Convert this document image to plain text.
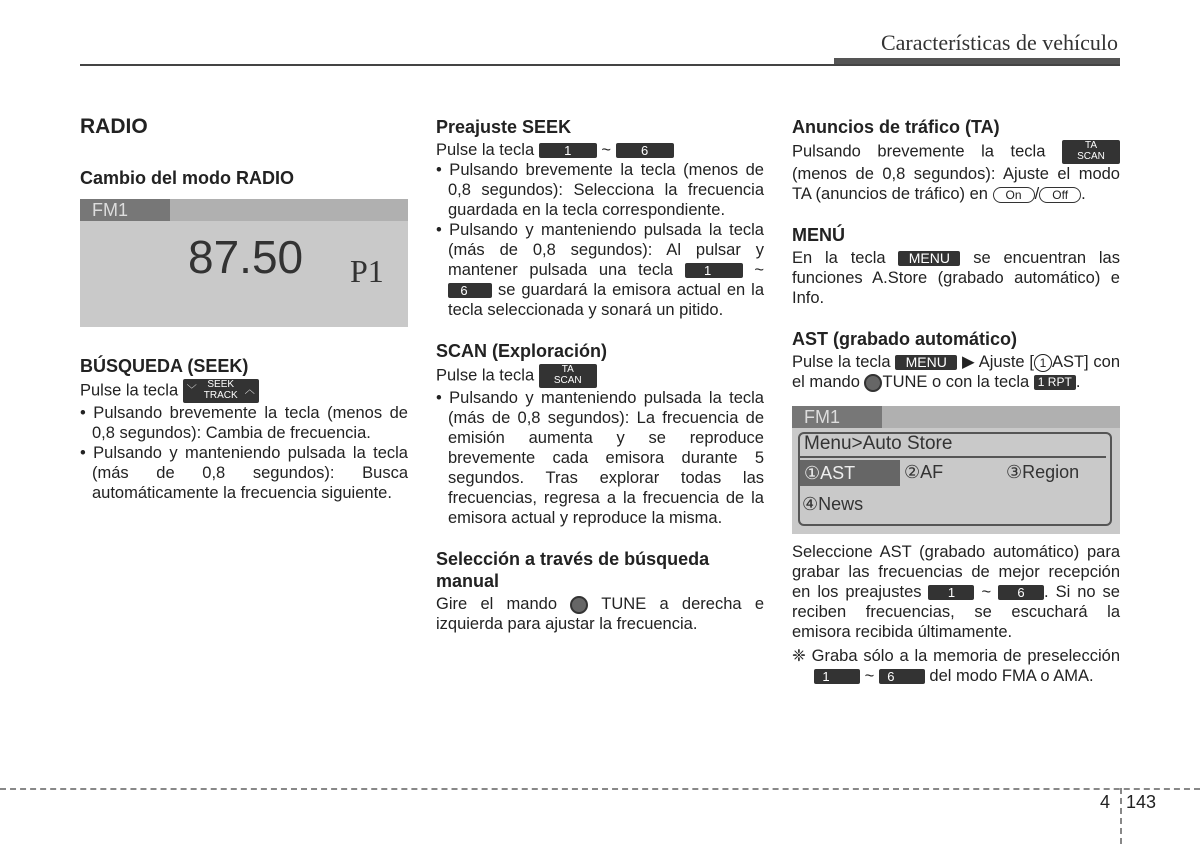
Características de vehículo
RADIO
Cambio del modo RADIO
FM1
87.50 P1
BÚSQUEDA (SEEK)

Pulse la tecla ﹀
SEEK
TRACK ︿

• Pulsando brevemente la tecla (menos de 0,8 segundos): Cambia de frecuencia.

• Pulsando y manteniendo pulsada la tecla (más de 0,8 segundos): Busca automáticamente la frecuencia siguiente.

Preajuste SEEK

Pulse la tecla 1 ~ 6

• Pulsando brevemente la tecla (menos de 0,8 segundos): Selecciona la frecuencia guardada en la tecla correspondiente.

• Pulsando y manteniendo pulsada la tecla (más de 0,8 segundos): Al pulsar y mantener pulsada una tecla 1	~ 6 se guardará la emisora actual en la tecla seleccionada y sonará un pitido.

SCAN (Exploración)

Pulse la tecla	TA
SCAN

• Pulsando y manteniendo pulsada la tecla (más de 0,8 segundos): La frecuencia de emisión aumenta y se reproduce brevemente cada emisora durante 5 segundos. Tras explorar todas las frecuencias, regresa a la frecuencia de la emisora actual y reproduce la misma.

Selección a través de búsqueda manual

Gire el mando	TUNE a derecha e izquierda para ajustar la frecuencia.

Anuncios de tráfico (TA)

Pulsando brevemente la tecla	TA
SCAN (menos de 0,8 segundos): Ajuste el modo TA (anuncios de tráfico) en On / Off .

MENÚ

En la tecla MENU se encuentran las funciones A.Store (grabado automático) e Info.

AST (grabado automático)

Pulse la tecla MENU ▶ Ajuste [ 1 AST] con el mando TUNE o con la tecla 1 RPT .

FM1
Menu>Auto Store
①AST	②AF	③Region
④News

Seleccione AST (grabado automático) para grabar las frecuencias de mejor recepción en los preajustes 1 ~ 6 . Si no se reciben frecuencias, se escuchará la emisora recibida últimamente.

❈ Graba sólo a la memoria de preselección 1 ~ 6 del modo FMA o AMA.

4 143
